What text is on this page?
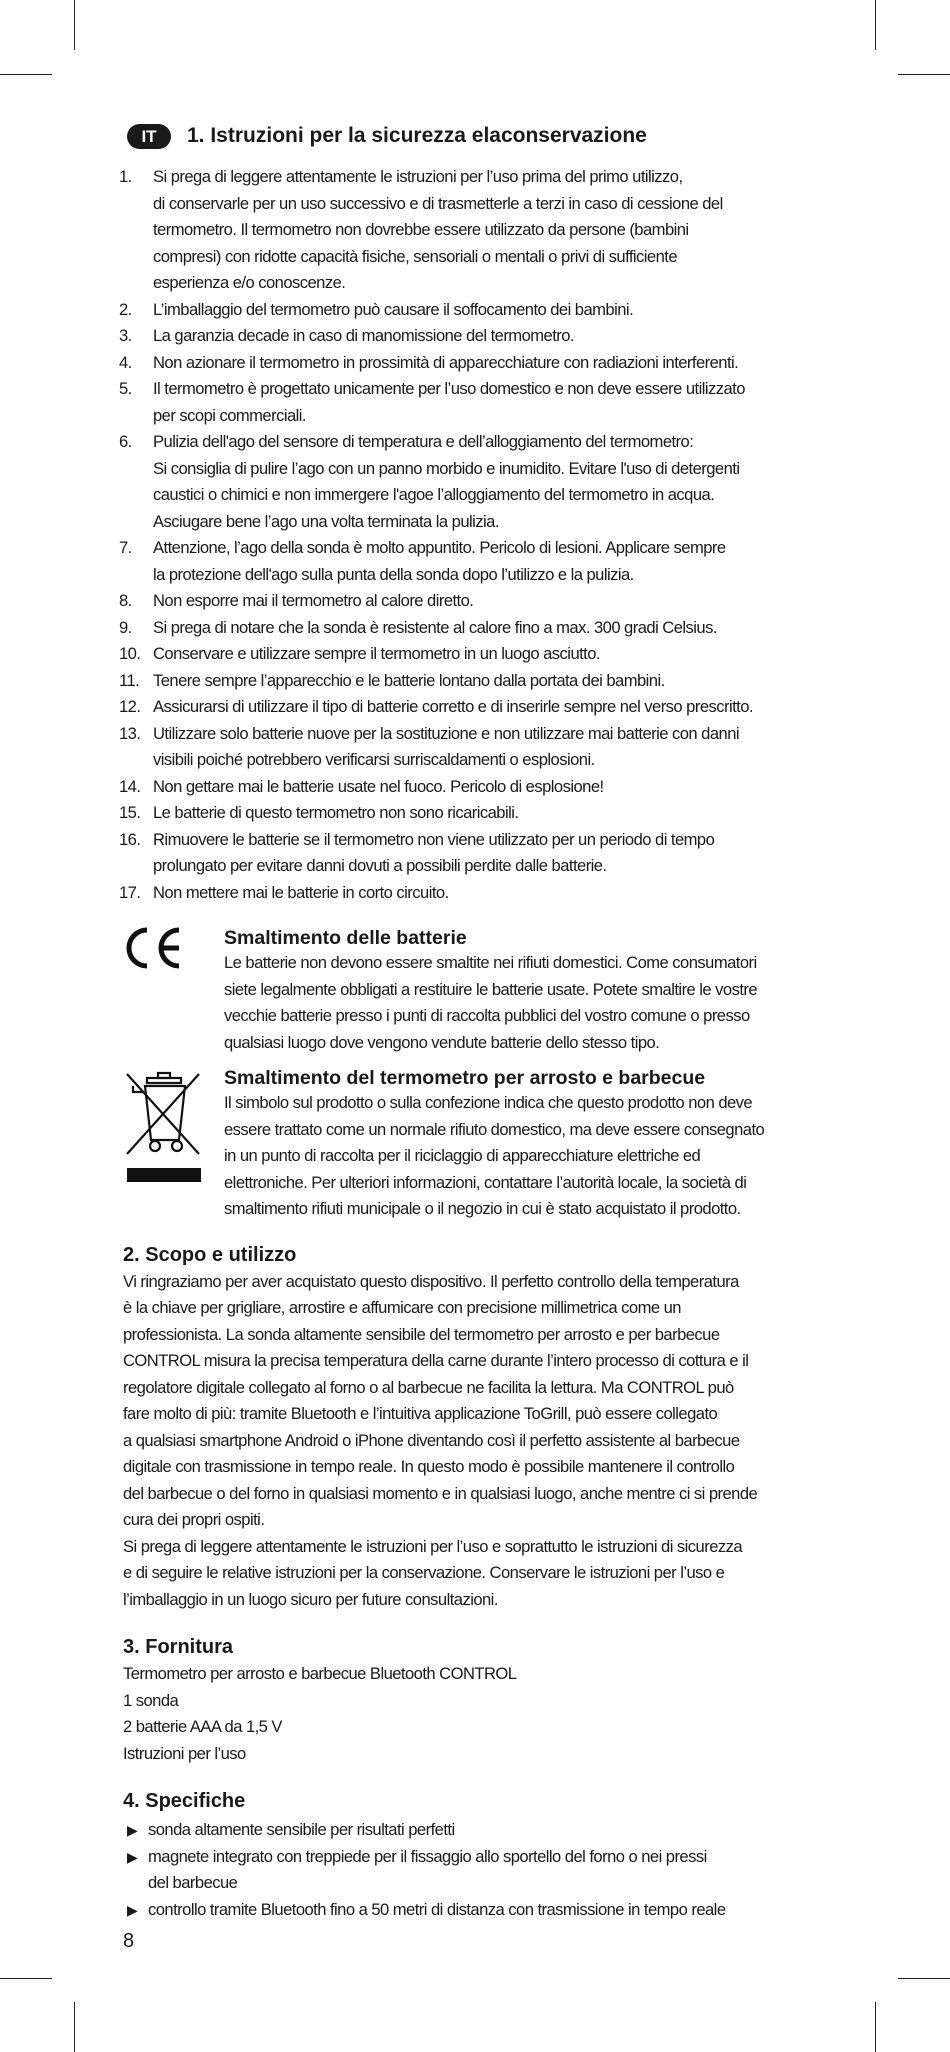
IT	1. Istruzioni per la sicurezza elaconservazione
1. Si prega di leggere attentamente le istruzioni per l’uso prima del primo utilizzo,
di conservarle per un uso successivo e di trasmetterle a terzi in caso di cessione del
termometro. Il termometro non dovrebbe essere utilizzato da persone (bambini
compresi) con ridotte capacità fisiche, sensoriali o mentali o privi di sufficiente
esperienza e/o conoscenze.
2. L’imballaggio del termometro può causare il soffocamento dei bambini.
3. La garanzia decade in caso di manomissione del termometro.
4. Non azionare il termometro in prossimità di apparecchiature con radiazioni interferenti.
5. Il termometro è progettato unicamente per l’uso domestico e non deve essere utilizzato
per scopi commerciali.
6. Pulizia dell'ago del sensore di temperatura e dell’alloggiamento del termometro:
Si consiglia di pulire l’ago con un panno morbido e inumidito. Evitare l'uso di detergenti
caustici o chimici e non immergere l'agoe l’alloggiamento del termometro in acqua.
Asciugare bene l’ago una volta terminata la pulizia.
7. Attenzione, l’ago della sonda è molto appuntito. Pericolo di lesioni. Applicare sempre
la protezione dell'ago sulla punta della sonda dopo l’utilizzo e la pulizia.
8. Non esporre mai il termometro al calore diretto.
9. Si prega di notare che la sonda è resistente al calore fino a max. 300 gradi Celsius.
10. Conservare e utilizzare sempre il termometro in un luogo asciutto.
11. Tenere sempre l’apparecchio e le batterie lontano dalla portata dei bambini.
12. Assicurarsi di utilizzare il tipo di batterie corretto e di inserirle sempre nel verso prescritto.
13. Utilizzare solo batterie nuove per la sostituzione e non utilizzare mai batterie con danni
visibili poiché potrebbero verificarsi surriscaldamenti o esplosioni.
14. Non gettare mai le batterie usate nel fuoco. Pericolo di esplosione!
15. Le batterie di questo termometro non sono ricaricabili.
16. Rimuovere le batterie se il termometro non viene utilizzato per un periodo di tempo
prolungato per evitare danni dovuti a possibili perdite dalle batterie.
17. Non mettere mai le batterie in corto circuito.
Smaltimento delle batterie

Le batterie non devono essere smaltite nei rifiuti domestici. Come consumatori
siete legalmente obbligati a restituire le batterie usate. Potete smaltire le vostre
vecchie batterie presso i punti di raccolta pubblici del vostro comune o presso
qualsiasi luogo dove vengono vendute batterie dello stesso tipo.

Smaltimento del termometro per arrosto e barbecue

Il simbolo sul prodotto o sulla confezione indica che questo prodotto non deve
essere trattato come un normale rifiuto domestico, ma deve essere consegnato
in un punto di raccolta per il riciclaggio di apparecchiature elettriche ed
elettroniche. Per ulteriori informazioni, contattare l’autorità locale, la società di
smaltimento rifiuti municipale o il negozio in cui è stato acquistato il prodotto.

2. Scopo e utilizzo

Vi ringraziamo per aver acquistato questo dispositivo. Il perfetto controllo della temperatura
è la chiave per grigliare, arrostire e affumicare con precisione millimetrica come un
professionista. La sonda altamente sensibile del termometro per arrosto e per barbecue
CONTROL misura la precisa temperatura della carne durante l’intero processo di cottura e il
regolatore digitale collegato al forno o al barbecue ne facilita la lettura. Ma CONTROL può
fare molto di più: tramite Bluetooth e l’intuitiva applicazione ToGrill, può essere collegato
a qualsiasi smartphone Android o iPhone diventando così il perfetto assistente al barbecue
digitale con trasmissione in tempo reale. In questo modo è possibile mantenere il controllo
del barbecue o del forno in qualsiasi momento e in qualsiasi luogo, anche mentre ci si prende
cura dei propri ospiti.

Si prega di leggere attentamente le istruzioni per l’uso e soprattutto le istruzioni di sicurezza
e di seguire le relative istruzioni per la conservazione. Conservare le istruzioni per l’uso e
l’imballaggio in un luogo sicuro per future consultazioni.

3. Fornitura
Termometro per arrosto e barbecue Bluetooth CONTROL
1 sonda
2 batterie AAA da 1,5 V
Istruzioni per l’uso
4. Specifiche
▶ sonda altamente sensibile per risultati perfetti
▶ magnete integrato con treppiede per il fissaggio allo sportello del forno o nei pressi
del barbecue
▶ controllo tramite Bluetooth fino a 50 metri di distanza con trasmissione in tempo reale
8
